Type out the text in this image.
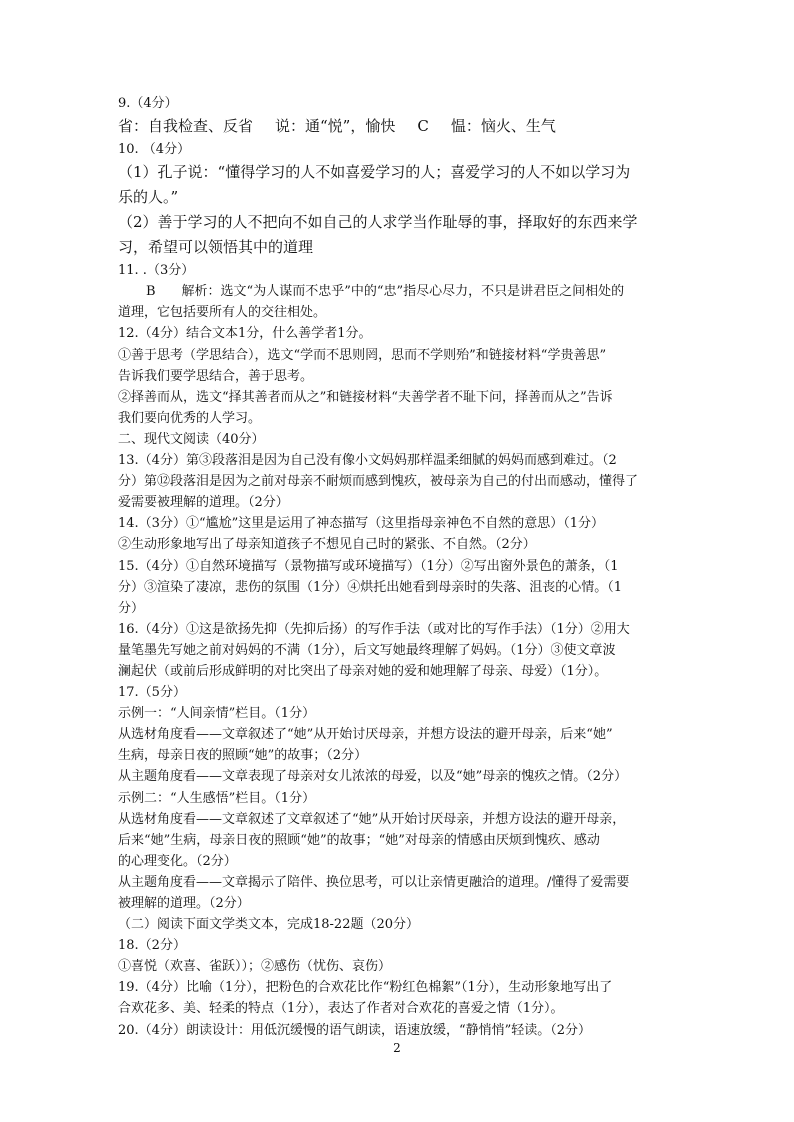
9.（4分）
省：自我检查、反省 说：通“悦”，愉快 C 愠：恼火、生气
10. （4分）
（1）孔子说：“懂得学习的人不如喜爱学习的人；喜爱学习的人不如以学习为
乐的人。”
（2）善于学习的人不把向不如自己的人求学当作耻辱的事，择取好的东西来学
习，希望可以领悟其中的道理
11. .（3分）
B　　解析：选文“为人谋而不忠乎”中的“忠”指尽心尽力，不只是讲君臣之间相处的
道理，它包括要所有人的交往相处。
12.（4分）结合文本1分，什么善学者1分。
①善于思考（学思结合），选文“学而不思则罔，思而不学则殆”和链接材料“学贵善思”
告诉我们要学思结合，善于思考。
②择善而从，选文“择其善者而从之”和链接材料“夫善学者不耻下问，择善而从之”告诉
我们要向优秀的人学习。
二、现代文阅读（40分）
13.（4分）第③段落泪是因为自己没有像小文妈妈那样温柔细腻的妈妈而感到难过。（2
分）第⑫段落泪是因为之前对母亲不耐烦而感到愧疚，被母亲为自己的付出而感动，懂得了
爱需要被理解的道理。（2分）
14.（3分）①“尴尬”这里是运用了神态描写（这里指母亲神色不自然的意思）（1分）
②生动形象地写出了母亲知道孩子不想见自己时的紧张、不自然。（2分）
15.（4分）①自然环境描写（景物描写或环境描写）（1分）②写出窗外景色的萧条，（1
分）③渲染了凄凉，悲伤的氛围（1分）④烘托出她看到母亲时的失落、沮丧的心情。（1
分）
16.（4分）①这是欲扬先抑（先抑后扬）的写作手法（或对比的写作手法）（1分）②用大
量笔墨先写她之前对妈妈的不满（1分），后文写她最终理解了妈妈。（1分）③使文章波
澜起伏（或前后形成鲜明的对比突出了母亲对她的爱和她理解了母亲、母爱）（1分）。
17.（5分）
示例一：“人间亲情”栏目。（1分）
从选材角度看——文章叙述了“她”从开始讨厌母亲，并想方设法的避开母亲，后来“她”
生病，母亲日夜的照顾“她”的故事；（2分）
从主题角度看——文章表现了母亲对女儿浓浓的母爱，以及“她”母亲的愧疚之情。（2分）
示例二：“人生感悟”栏目。（1分）
从选材角度看——文章叙述了文章叙述了“她”从开始讨厌母亲，并想方设法的避开母亲，
后来“她”生病，母亲日夜的照顾“她”的故事；“她”对母亲的情感由厌烦到愧疚、感动
的心理变化。（2分）
从主题角度看——文章揭示了陪伴、换位思考，可以让亲情更融洽的道理。/懂得了爱需要
被理解的道理。（2分）
（二）阅读下面文学类文本，完成18-22题（20分）
18.（2分）
①喜悦（欢喜、雀跃））；②感伤（忧伤、哀伤）
19.（4分）比喻（1分），把粉色的合欢花比作“粉红色棉絮”（1分），生动形象地写出了
合欢花多、美、轻柔的特点（1分），表达了作者对合欢花的喜爱之情（1分）。
20.（4分）朗读设计：用低沉缓慢的语气朗读，语速放缓，“静悄悄”轻读。（2分）
2
